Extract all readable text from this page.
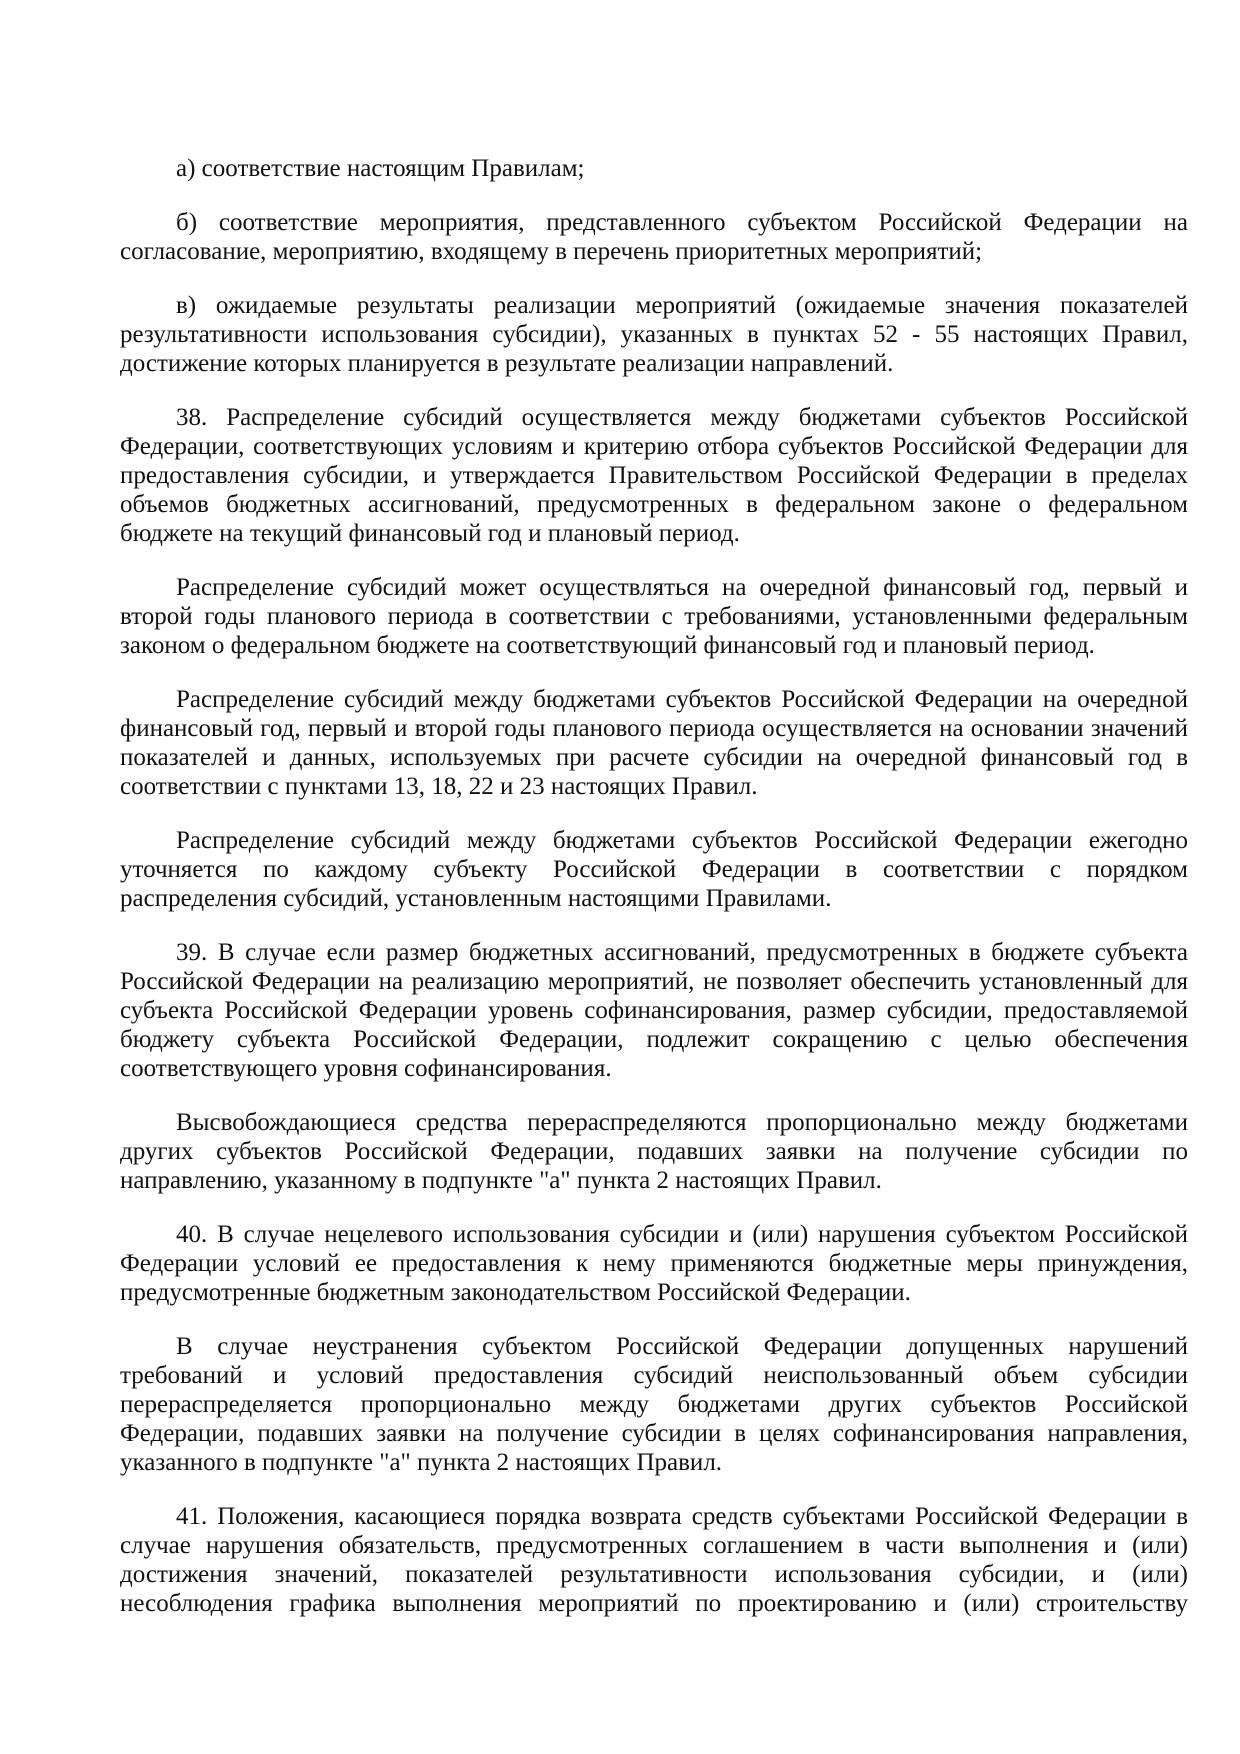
а) соответствие настоящим Правилам;
б) соответствие мероприятия, представленного субъектом Российской Федерации на
согласование, мероприятию, входящему в перечень приоритетных мероприятий;
в) ожидаемые результаты реализации мероприятий (ожидаемые значения показателей
результативности использования субсидии), указанных в пунктах 52 - 55 настоящих Правил,
достижение которых планируется в результате реализации направлений.
38. Распределение субсидий осуществляется между бюджетами субъектов Российской
Федерации, соответствующих условиям и критерию отбора субъектов Российской Федерации для
предоставления субсидии, и утверждается Правительством Российской Федерации в пределах
объемов бюджетных ассигнований, предусмотренных в федеральном законе о федеральном
бюджете на текущий финансовый год и плановый период.
Распределение субсидий может осуществляться на очередной финансовый год, первый и
второй годы планового периода в соответствии с требованиями, установленными федеральным
законом о федеральном бюджете на соответствующий финансовый год и плановый период.
Распределение субсидий между бюджетами субъектов Российской Федерации на очередной
финансовый год, первый и второй годы планового периода осуществляется на основании значений
показателей и данных, используемых при расчете субсидии на очередной финансовый год в
соответствии с пунктами 13, 18, 22 и 23 настоящих Правил.
Распределение субсидий между бюджетами субъектов Российской Федерации ежегодно
уточняется по каждому субъекту Российской Федерации в соответствии с порядком
распределения субсидий, установленным настоящими Правилами.
39. В случае если размер бюджетных ассигнований, предусмотренных в бюджете субъекта
Российской Федерации на реализацию мероприятий, не позволяет обеспечить установленный для
субъекта Российской Федерации уровень софинансирования, размер субсидии, предоставляемой
бюджету субъекта Российской Федерации, подлежит сокращению с целью обеспечения
соответствующего уровня софинансирования.
Высвобождающиеся средства перераспределяются пропорционально между бюджетами
других субъектов Российской Федерации, подавших заявки на получение субсидии по
направлению, указанному в подпункте "а" пункта 2 настоящих Правил.
40. В случае нецелевого использования субсидии и (или) нарушения субъектом Российской
Федерации условий ее предоставления к нему применяются бюджетные меры принуждения,
предусмотренные бюджетным законодательством Российской Федерации.
В случае неустранения субъектом Российской Федерации допущенных нарушений
требований и условий предоставления субсидий неиспользованный объем субсидии
перераспределяется пропорционально между бюджетами других субъектов Российской
Федерации, подавших заявки на получение субсидии в целях софинансирования направления,
указанного в подпункте "а" пункта 2 настоящих Правил.
41. Положения, касающиеся порядка возврата средств субъектами Российской Федерации в
случае нарушения обязательств, предусмотренных соглашением в части выполнения и (или)
достижения значений, показателей результативности использования субсидии, и (или)
несоблюдения графика выполнения мероприятий по проектированию и (или) строительству
